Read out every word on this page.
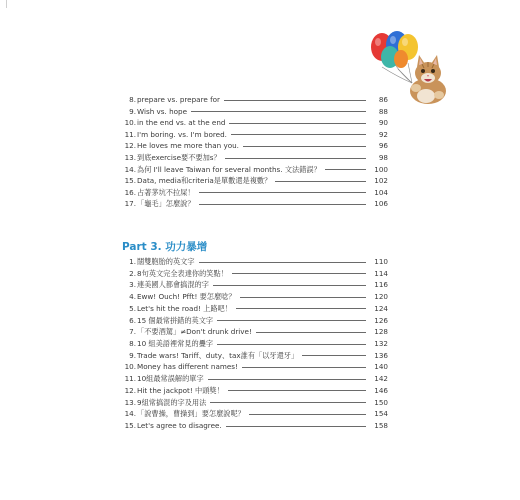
Part 3. 功力暴增
8. prepare vs. prepare for	86
9. Wish vs. hope	88
10. in the end vs. at the end	90
11. I'm boring. vs. I'm bored.	92
12. He loves me more than you.	96
13. 到底exercise要不要加s？	98
14. 為何 I'll leave Taiwan for several months. 文法錯誤？	100
15. Data, media和criteria是單數還是複數？	102
16. 占著茅坑不拉屎！	104
17. 「龜毛」怎麼說？	106
1. 闊雙胞胎的英文字	110
2. 8句英文完全表達你的笑點！	114
3. 連美國人都會搞混的字	116
4. Eww! Ouch! Pfft! 要怎麼唸？	120
5. Let's hit the road! 上路吧！	124
6. 15 個最常拼錯的英文字	126
7. 「不要酒駕」≠Don't drunk drive!	128
8. 10 組美語裡常見的疊字	132
9. Trade wars! Tariff、duty、tax誰有「以牙還牙」	136
10. Money has different names!	140
11. 10組最常誤解的單字	142
12. Hit the jackpot! 中頭獎！	146
13. 9組常搞混的字及用法	150
14. 「說曹操，曹操到」要怎麼說呢？	154
15. Let's agree to disagree.	158
